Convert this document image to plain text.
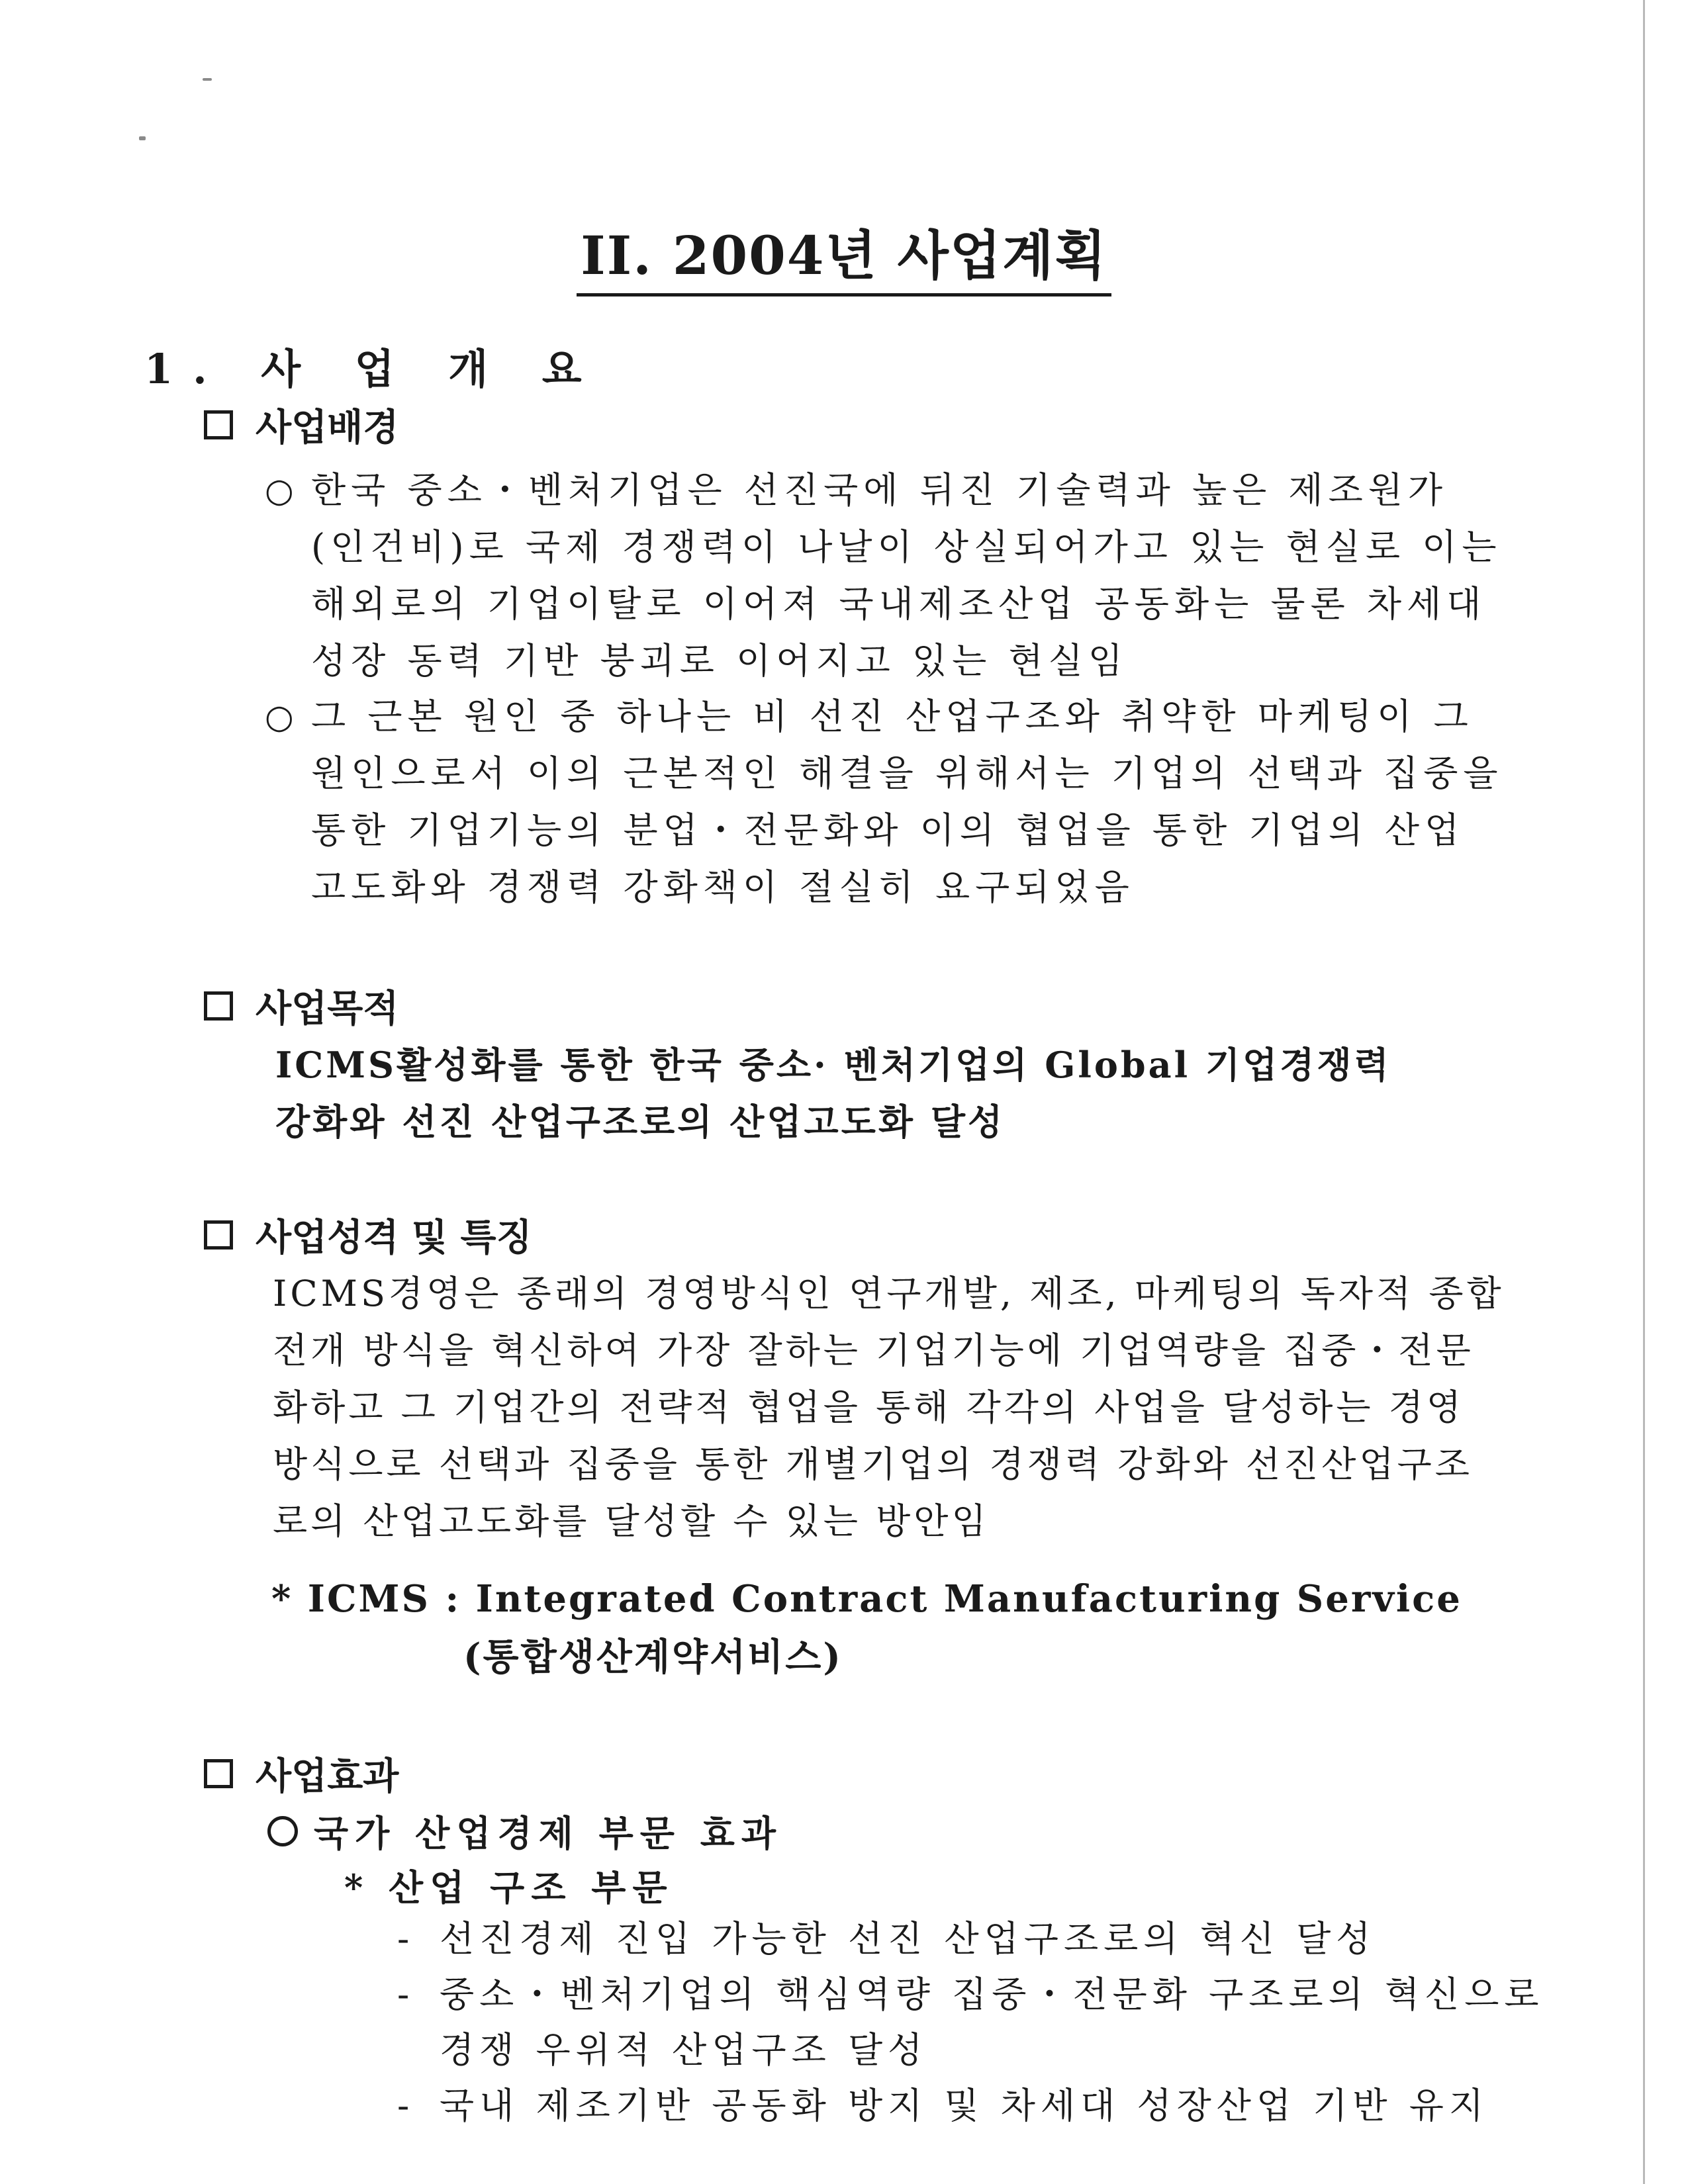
II. 2004년 사업계획
1. 사 업 개 요
사업배경
○ 한국 중소・벤처기업은 선진국에 뒤진 기술력과 높은 제조원가
(인건비)로 국제 경쟁력이 나날이 상실되어가고 있는 현실로 이는
해외로의 기업이탈로 이어져 국내제조산업 공동화는 물론 차세대
성장 동력 기반 붕괴로 이어지고 있는 현실임
○ 그 근본 원인 중 하나는 비 선진 산업구조와 취약한 마케팅이 그
원인으로서 이의 근본적인 해결을 위해서는 기업의 선택과 집중을
통한 기업기능의 분업・전문화와 이의 협업을 통한 기업의 산업
고도화와 경쟁력 강화책이 절실히 요구되었음
사업목적
ICMS활성화를 통한 한국 중소· 벤처기업의 Global 기업경쟁력
강화와 선진 산업구조로의 산업고도화 달성
사업성격 및 특징
ICMS경영은 종래의 경영방식인 연구개발, 제조, 마케팅의 독자적 종합
전개 방식을 혁신하여 가장 잘하는 기업기능에 기업역량을 집중・전문
화하고 그 기업간의 전략적 협업을 통해 각각의 사업을 달성하는 경영
방식으로 선택과 집중을 통한 개별기업의 경쟁력 강화와 선진산업구조
로의 산업고도화를 달성할 수 있는 방안임
* ICMS : Integrated Contract Manufacturing Service
(통합생산계약서비스)
사업효과
국가 산업경제 부문 효과
* 산업 구조 부문
- 선진경제 진입 가능한 선진 산업구조로의 혁신 달성
- 중소・벤처기업의 핵심역량 집중・전문화 구조로의 혁신으로
경쟁 우위적 산업구조 달성
- 국내 제조기반 공동화 방지 및 차세대 성장산업 기반 유지
